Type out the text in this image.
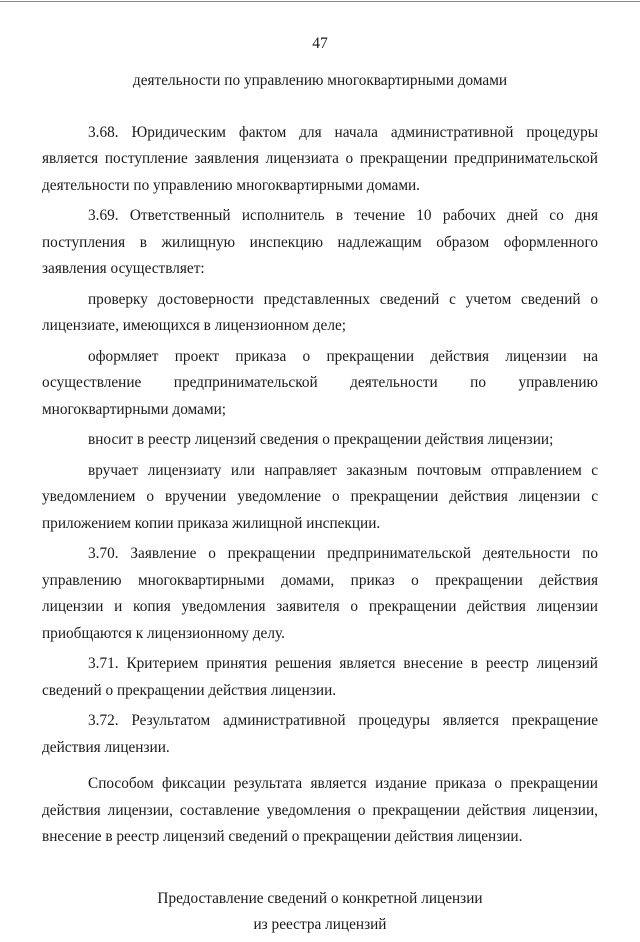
47
деятельности по управлению многоквартирными домами
3.68. Юридическим фактом для начала административной процедуры
является поступление заявления лицензиата о прекращении предпринимательской
деятельности по управлению многоквартирными домами.
3.69. Ответственный исполнитель в течение 10 рабочих дней со дня
поступления в жилищную инспекцию надлежащим образом оформленного
заявления осуществляет:
проверку достоверности представленных сведений с учетом сведений о
лицензиате, имеющихся в лицензионном деле;
оформляет проект приказа о прекращении действия лицензии на
осуществление предпринимательской деятельности по управлению
многоквартирными домами;
вносит в реестр лицензий сведения о прекращении действия лицензии;
вручает лицензиату или направляет заказным почтовым отправлением с
уведомлением о вручении уведомление о прекращении действия лицензии с
приложением копии приказа жилищной инспекции.
3.70. Заявление о прекращении предпринимательской деятельности по
управлению многоквартирными домами, приказ о прекращении действия
лицензии и копия уведомления заявителя о прекращении действия лицензии
приобщаются к лицензионному делу.
3.71. Критерием принятия решения является внесение в реестр лицензий
сведений о прекращении действия лицензии.
3.72. Результатом административной процедуры является прекращение
действия лицензии.
Способом фиксации результата является издание приказа о прекращении
действия лицензии, составление уведомления о прекращении действия лицензии,
внесение в реестр лицензий сведений о прекращении действия лицензии.
Предоставление сведений о конкретной лицензии
из реестра лицензий
